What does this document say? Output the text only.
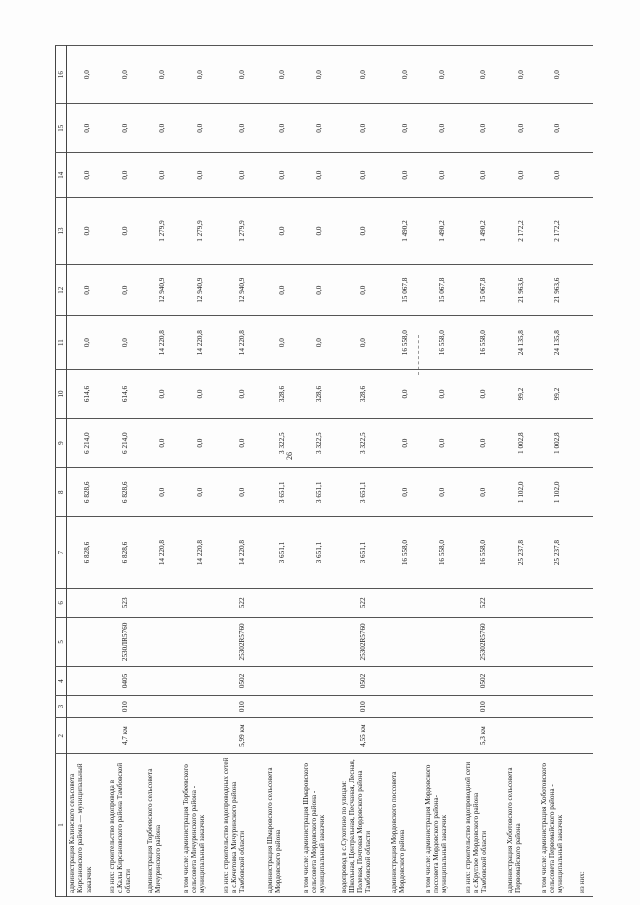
26
1	2	3	4	5	6	7	8	9	10	11	12	13	14	15	16
администрация Калинского сельсовета Кирсановского района — муниципальный заказчик						6 828,6	6 828,6	6 214,0	614,6	0,0	0,0	0,0	0,0	0,0	0,0
из них: строительство водопровода в с.Калы Кирсановского района Тамбовской области	4,7 км	010	0405	2530ЛR5760	523	6 828,6	6 828,6	6 214,0	614,6	0,0	0,0	0,0	0,0	0,0	0,0
администрация Торбеевского сельсовета Мичуринского района						14 220,8	0,0	0,0	0,0	14 220,8	12 940,9	1 279,9	0,0	0,0	0,0
в том числе: администрация Торбеевского сельсовета Мичуринского района - муниципальный заказчик						14 220,8	0,0	0,0	0,0	14 220,8	12 940,9	1 279,9	0,0	0,0	0,0
из них: строительство водопроводных сетей в с.Кочетовка Мичуринского района Тамбовской области	5,99 км	010	0502	25302R5760	522	14 220,8	0,0	0,0	0,0	14 220,8	12 940,9	1 279,9	0,0	0,0	0,0
администрация Шмаровского сельсовета Мордовского района						3 651,1	3 651,1	3 322,5	328,6	0,0	0,0	0,0	0,0	0,0	0,0
в том числе: администрация Шмаровского сельсовета Мордовского района - муниципальный заказчик						3 651,1	3 651,1	3 322,5	328,6	0,0	0,0	0,0	0,0	0,0	0,0
водопровод в с.Сухотино по улицам: Школьная, Центральная, Песчаная, Лесная, Полевая, Почтовая Мордовского района Тамбовской области	4,55 км	010	0502	25302R5760	522	3 651,1	3 651,1	3 322,5	328,6	0,0	0,0	0,0	0,0	0,0	0,0
администрация Мордовского поссовета Мордовского района						16 558,0	0,0	0,0	0,0	16 558,0	15 067,8	1 490,2	0,0	0,0	0,0
в том числе: администрация Мордовского поссовета Мордовского района- муниципальный заказчик						16 558,0	0,0	0,0	0,0	16 558,0	15 067,8	1 490,2	0,0	0,0	0,0
из них: строительство водопроводной сети в с.Круглое Мордовского района Тамбовской области	5,3 км	010	0502	25302R5760	522	16 558,0	0,0	0,0	0,0	16 558,0	15 067,8	1 490,2	0,0	0,0	0,0
администрация Хоботовского сельсовета Первомайского района						25 237,8	1 102,0	1 002,8	99,2	24 135,8	21 963,6	2 172,2	0,0	0,0	0,0
в том числе: администрация Хоботовского сельсовета Первомайского района - муниципальный заказчик						25 237,8	1 102,0	1 002,8	99,2	24 135,8	21 963,6	2 172,2	0,0	0,0	0,0
из них:															
